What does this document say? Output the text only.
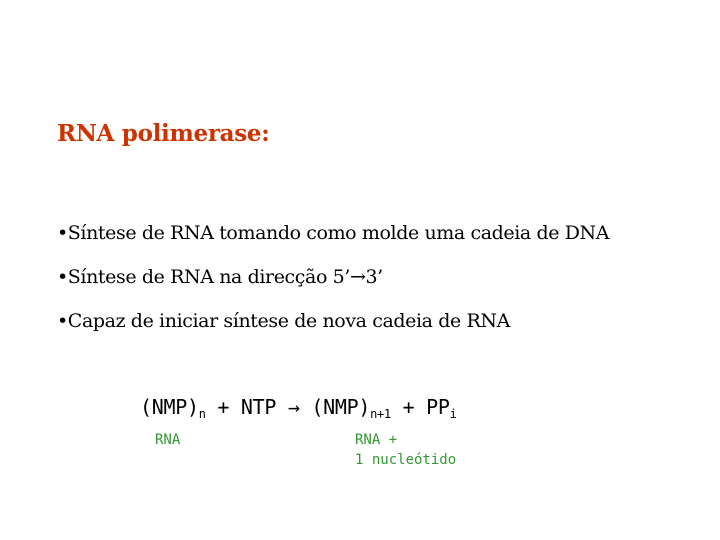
RNA polimerase:
•Síntese de RNA tomando como molde uma cadeia de DNA
•Síntese de RNA na direcção 5’→3’
•Capaz de iniciar síntese de nova cadeia de RNA
$(NMP)_n$ + NTP → $(NMP)_{n+1} + PP_i$
RNA	RNA +
1 nucleótido
